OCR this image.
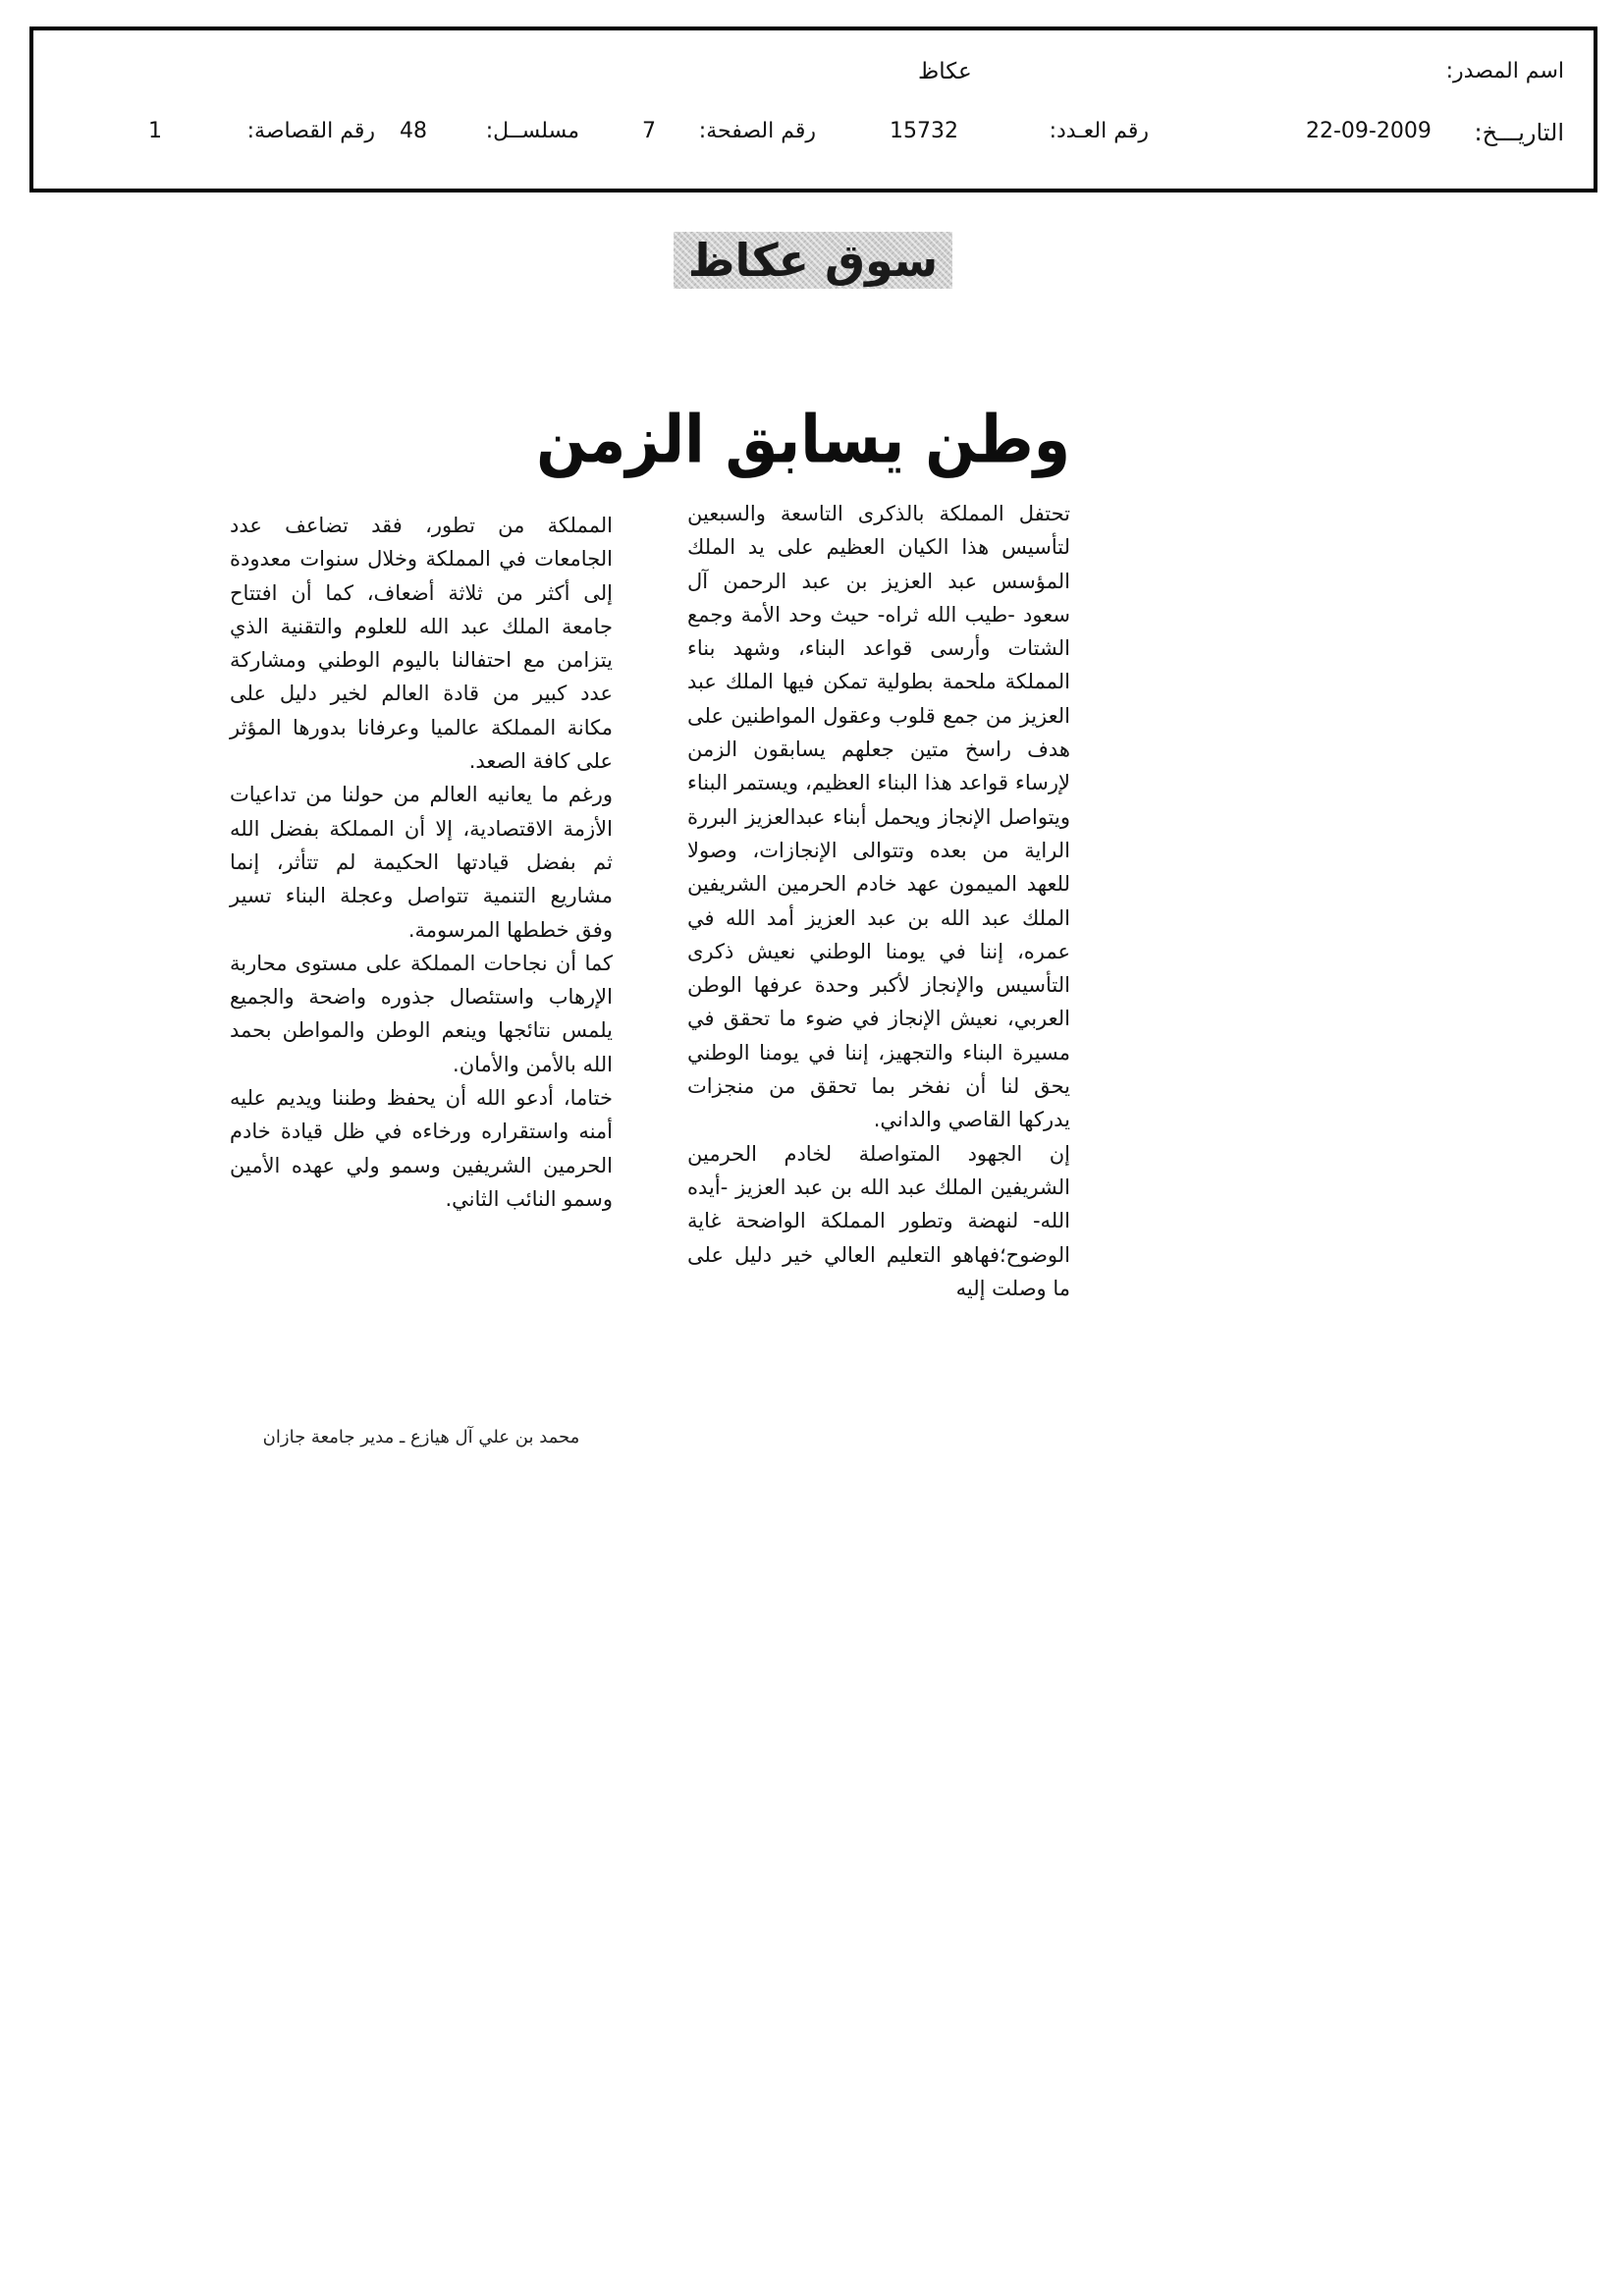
اسم المصدر:
عكاظ
التاريـــخ:
22-09-2009
رقم العـدد:
15732
رقم الصفحة:
7
مسلســل:
48
رقم القصاصة:
1
سوق عكاظ
وطن يسابق الزمن

تحتفل المملكة بالذكرى التاسعة والسبعين لتأسيس هذا الكيان العظيم على يد الملك المؤسس عبد العزيز بن عبد الرحمن آل سعود -طيب الله ثراه- حيث وحد الأمة وجمع الشتات وأرسى قواعد البناء، وشهد بناء المملكة ملحمة بطولية تمكن فيها الملك عبد العزيز من جمع قلوب وعقول المواطنين على هدف راسخ متين جعلهم يسابقون الزمن لإرساء قواعد هذا البناء العظيم، ويستمر البناء ويتواصل الإنجاز ويحمل أبناء عبدالعزيز البررة الراية من بعده وتتوالى الإنجازات، وصولا للعهد الميمون عهد خادم الحرمين الشريفين الملك عبد الله بن عبد العزيز أمد الله في عمره، إننا في يومنا الوطني نعيش ذكرى التأسيس والإنجاز لأكبر وحدة عرفها الوطن العربي، نعيش الإنجاز في ضوء ما تحقق في مسيرة البناء والتجهيز، إننا في يومنا الوطني يحق لنا أن نفخر بما تحقق من منجزات يدركها القاصي والداني.

إن الجهود المتواصلة لخادم الحرمين الشريفين الملك عبد الله بن عبد العزيز -أيده الله- لنهضة وتطور المملكة الواضحة غاية الوضوح؛فهاهو التعليم العالي خير دليل على ما وصلت إليه

المملكة من تطور، فقد تضاعف عدد الجامعات في المملكة وخلال سنوات معدودة إلى أكثر من ثلاثة أضعاف، كما أن افتتاح جامعة الملك عبد الله للعلوم والتقنية الذي يتزامن مع احتفالنا باليوم الوطني ومشاركة عدد كبير من قادة العالم لخير دليل على مكانة المملكة عالميا وعرفانا بدورها المؤثر على كافة الصعد.

ورغم ما يعانيه العالم من حولنا من تداعيات الأزمة الاقتصادية، إلا أن المملكة بفضل الله ثم بفضل قيادتها الحكيمة لم تتأثر، إنما مشاريع التنمية تتواصل وعجلة البناء تسير وفق خططها المرسومة.

كما أن نجاحات المملكة على مستوى محاربة الإرهاب واستئصال جذوره واضحة والجميع يلمس نتائجها وينعم الوطن والمواطن بحمد الله بالأمن والأمان.

ختاما، أدعو الله أن يحفظ وطننا ويديم عليه أمنه واستقراره ورخاءه في ظل قيادة خادم الحرمين الشريفين وسمو ولي عهده الأمين وسمو النائب الثاني.

محمد بن علي آل هيازع ـ مدير جامعة جازان
